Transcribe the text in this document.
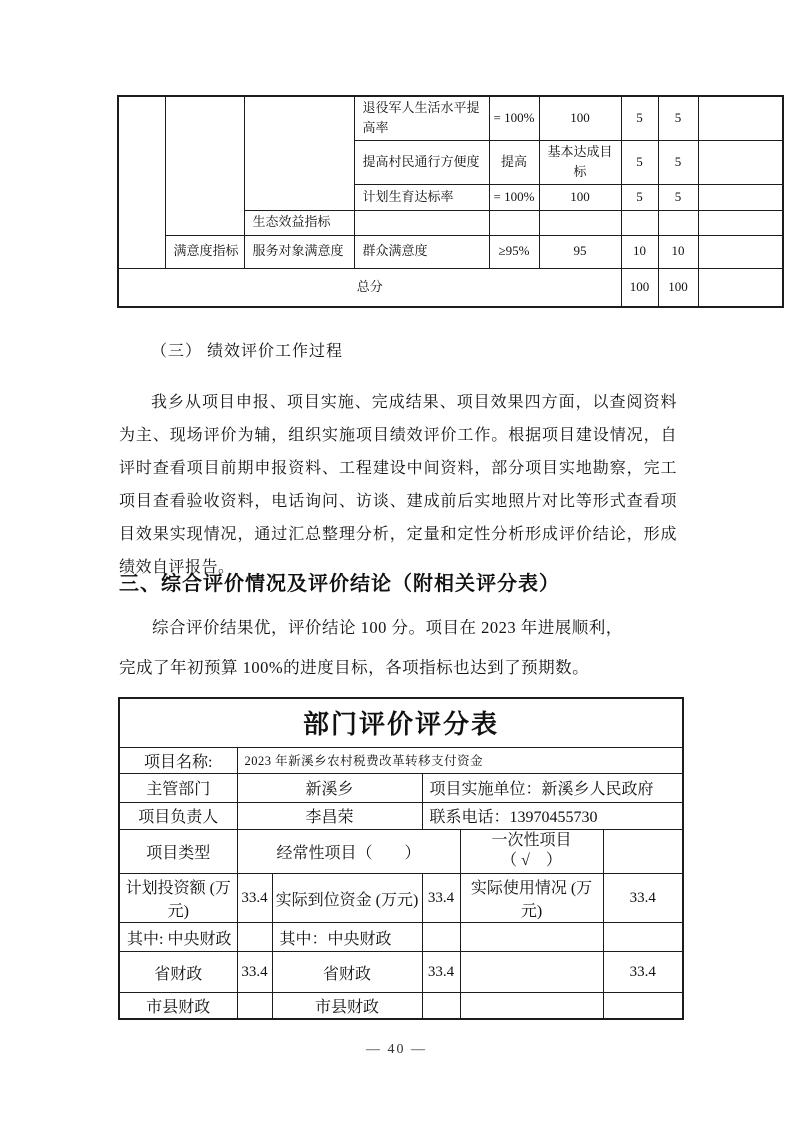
			退役军人生活水平提高率	= 100%	100	5	5	
			提高村民通行方便度	提高	基本达成目标	5	5	
			计划生育达标率	= 100%	100	5	5	
		生态效益指标						
	满意度指标	服务对象满意度	群众满意度	≥95%	95	10	10	
总分						100	100	
（三） 绩效评价工作过程
我乡从项目申报、项目实施、完成结果、项目效果四方面，以查阅资料为主、现场评价为辅，组织实施项目绩效评价工作。根据项目建设情况，自评时查看项目前期申报资料、工程建设中间资料，部分项目实地勘察，完工项目查看验收资料，电话询问、访谈、建成前后实地照片对比等形式查看项目效果实现情况，通过汇总整理分析，定量和定性分析形成评价结论，形成绩效自评报告。
三、综合评价情况及评价结论（附相关评分表）
综合评价结果优，评价结论 100 分。项目在 2023 年进展顺利，
完成了年初预算 100%的进度目标，各项指标也达到了预期数。
部门评价评分表					
项目名称:	2023 年新溪乡农村税费改革转移支付资金				
主管部门	新溪乡		项目实施单位：新溪乡人民政府		
项目负责人	李昌荣		联系电话：13970455730		
项目类型	经常性项目（　　）			一次性项目
（ √　）	

计划投资额 (万元)	33.4	实际到位资金 (万元)	33.4	实际使用情况 (万元)	33.4
其中: 中央财政		其中：中央财政			
省财政	33.4	省财政	33.4		33.4
市县财政		市县财政			
— 40 —
